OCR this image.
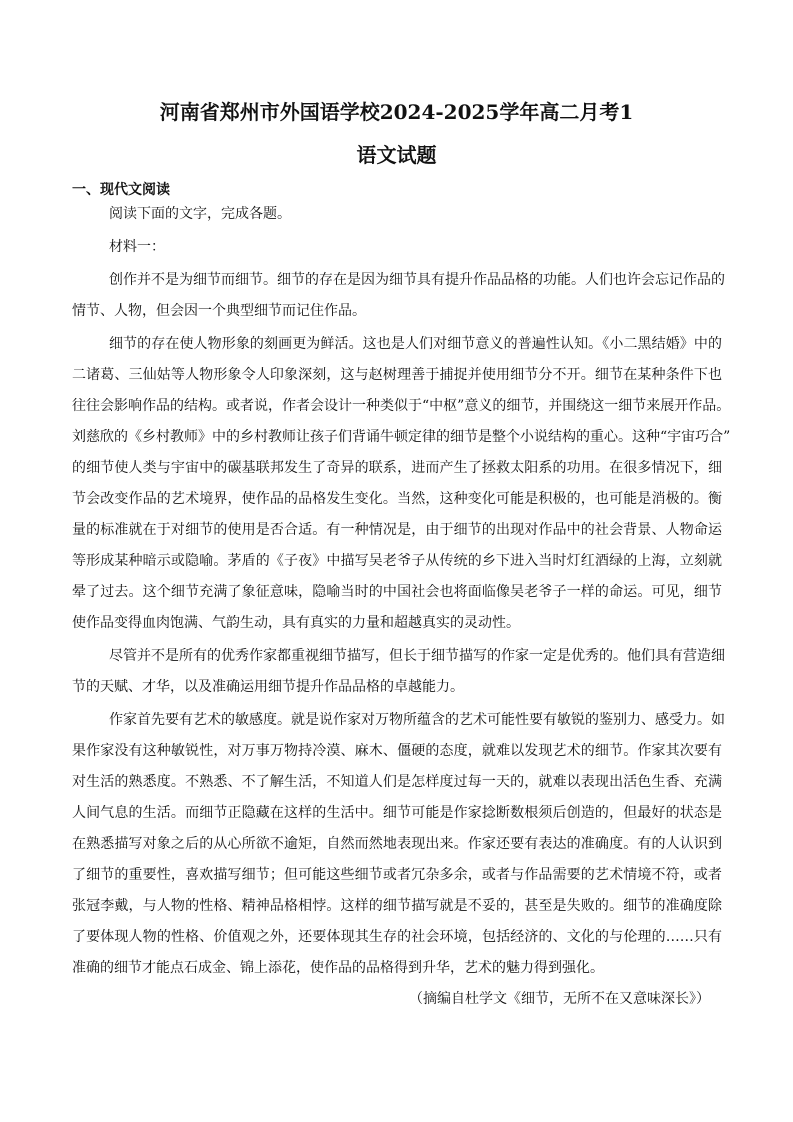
河南省郑州市外国语学校2024-2025学年高二月考1
语文试题
一、现代文阅读
阅读下面的文字，完成各题。
材料一：
创作并不是为细节而细节。细节的存在是因为细节具有提升作品品格的功能。人们也许会忘记作品的
情节、人物，但会因一个典型细节而记住作品。
细节的存在使人物形象的刻画更为鲜活。这也是人们对细节意义的普遍性认知。《小二黑结婚》中的
二诸葛、三仙姑等人物形象令人印象深刻，这与赵树理善于捕捉并使用细节分不开。细节在某种条件下也
往往会影响作品的结构。或者说，作者会设计一种类似于“中枢”意义的细节，并围绕这一细节来展开作品。
刘慈欣的《乡村教师》中的乡村教师让孩子们背诵牛顿定律的细节是整个小说结构的重心。这种“宇宙巧合”
的细节使人类与宇宙中的碳基联邦发生了奇异的联系，进而产生了拯救太阳系的功用。在很多情况下，细
节会改变作品的艺术境界，使作品的品格发生变化。当然，这种变化可能是积极的，也可能是消极的。衡
量的标准就在于对细节的使用是否合适。有一种情况是，由于细节的出现对作品中的社会背景、人物命运
等形成某种暗示或隐喻。茅盾的《子夜》中描写吴老爷子从传统的乡下进入当时灯红酒绿的上海，立刻就
晕了过去。这个细节充满了象征意味，隐喻当时的中国社会也将面临像吴老爷子一样的命运。可见，细节
使作品变得血肉饱满、气韵生动，具有真实的力量和超越真实的灵动性。
尽管并不是所有的优秀作家都重视细节描写，但长于细节描写的作家一定是优秀的。他们具有营造细
节的天赋、才华，以及准确运用细节提升作品品格的卓越能力。
作家首先要有艺术的敏感度。就是说作家对万物所蕴含的艺术可能性要有敏锐的鉴别力、感受力。如
果作家没有这种敏锐性，对万事万物持冷漠、麻木、僵硬的态度，就难以发现艺术的细节。作家其次要有
对生活的熟悉度。不熟悉、不了解生活，不知道人们是怎样度过每一天的，就难以表现出活色生香、充满
人间气息的生活。而细节正隐藏在这样的生活中。细节可能是作家捻断数根须后创造的，但最好的状态是
在熟悉描写对象之后的从心所欲不逾矩，自然而然地表现出来。作家还要有表达的准确度。有的人认识到
了细节的重要性，喜欢描写细节；但可能这些细节或者冗杂多余，或者与作品需要的艺术情境不符，或者
张冠李戴，与人物的性格、精神品格相悖。这样的细节描写就是不妥的，甚至是失败的。细节的准确度除
了要体现人物的性格、价值观之外，还要体现其生存的社会环境，包括经济的、文化的与伦理的……只有
准确的细节才能点石成金、锦上添花，使作品的品格得到升华，艺术的魅力得到强化。
（摘编自杜学文《细节，无所不在又意味深长》）
